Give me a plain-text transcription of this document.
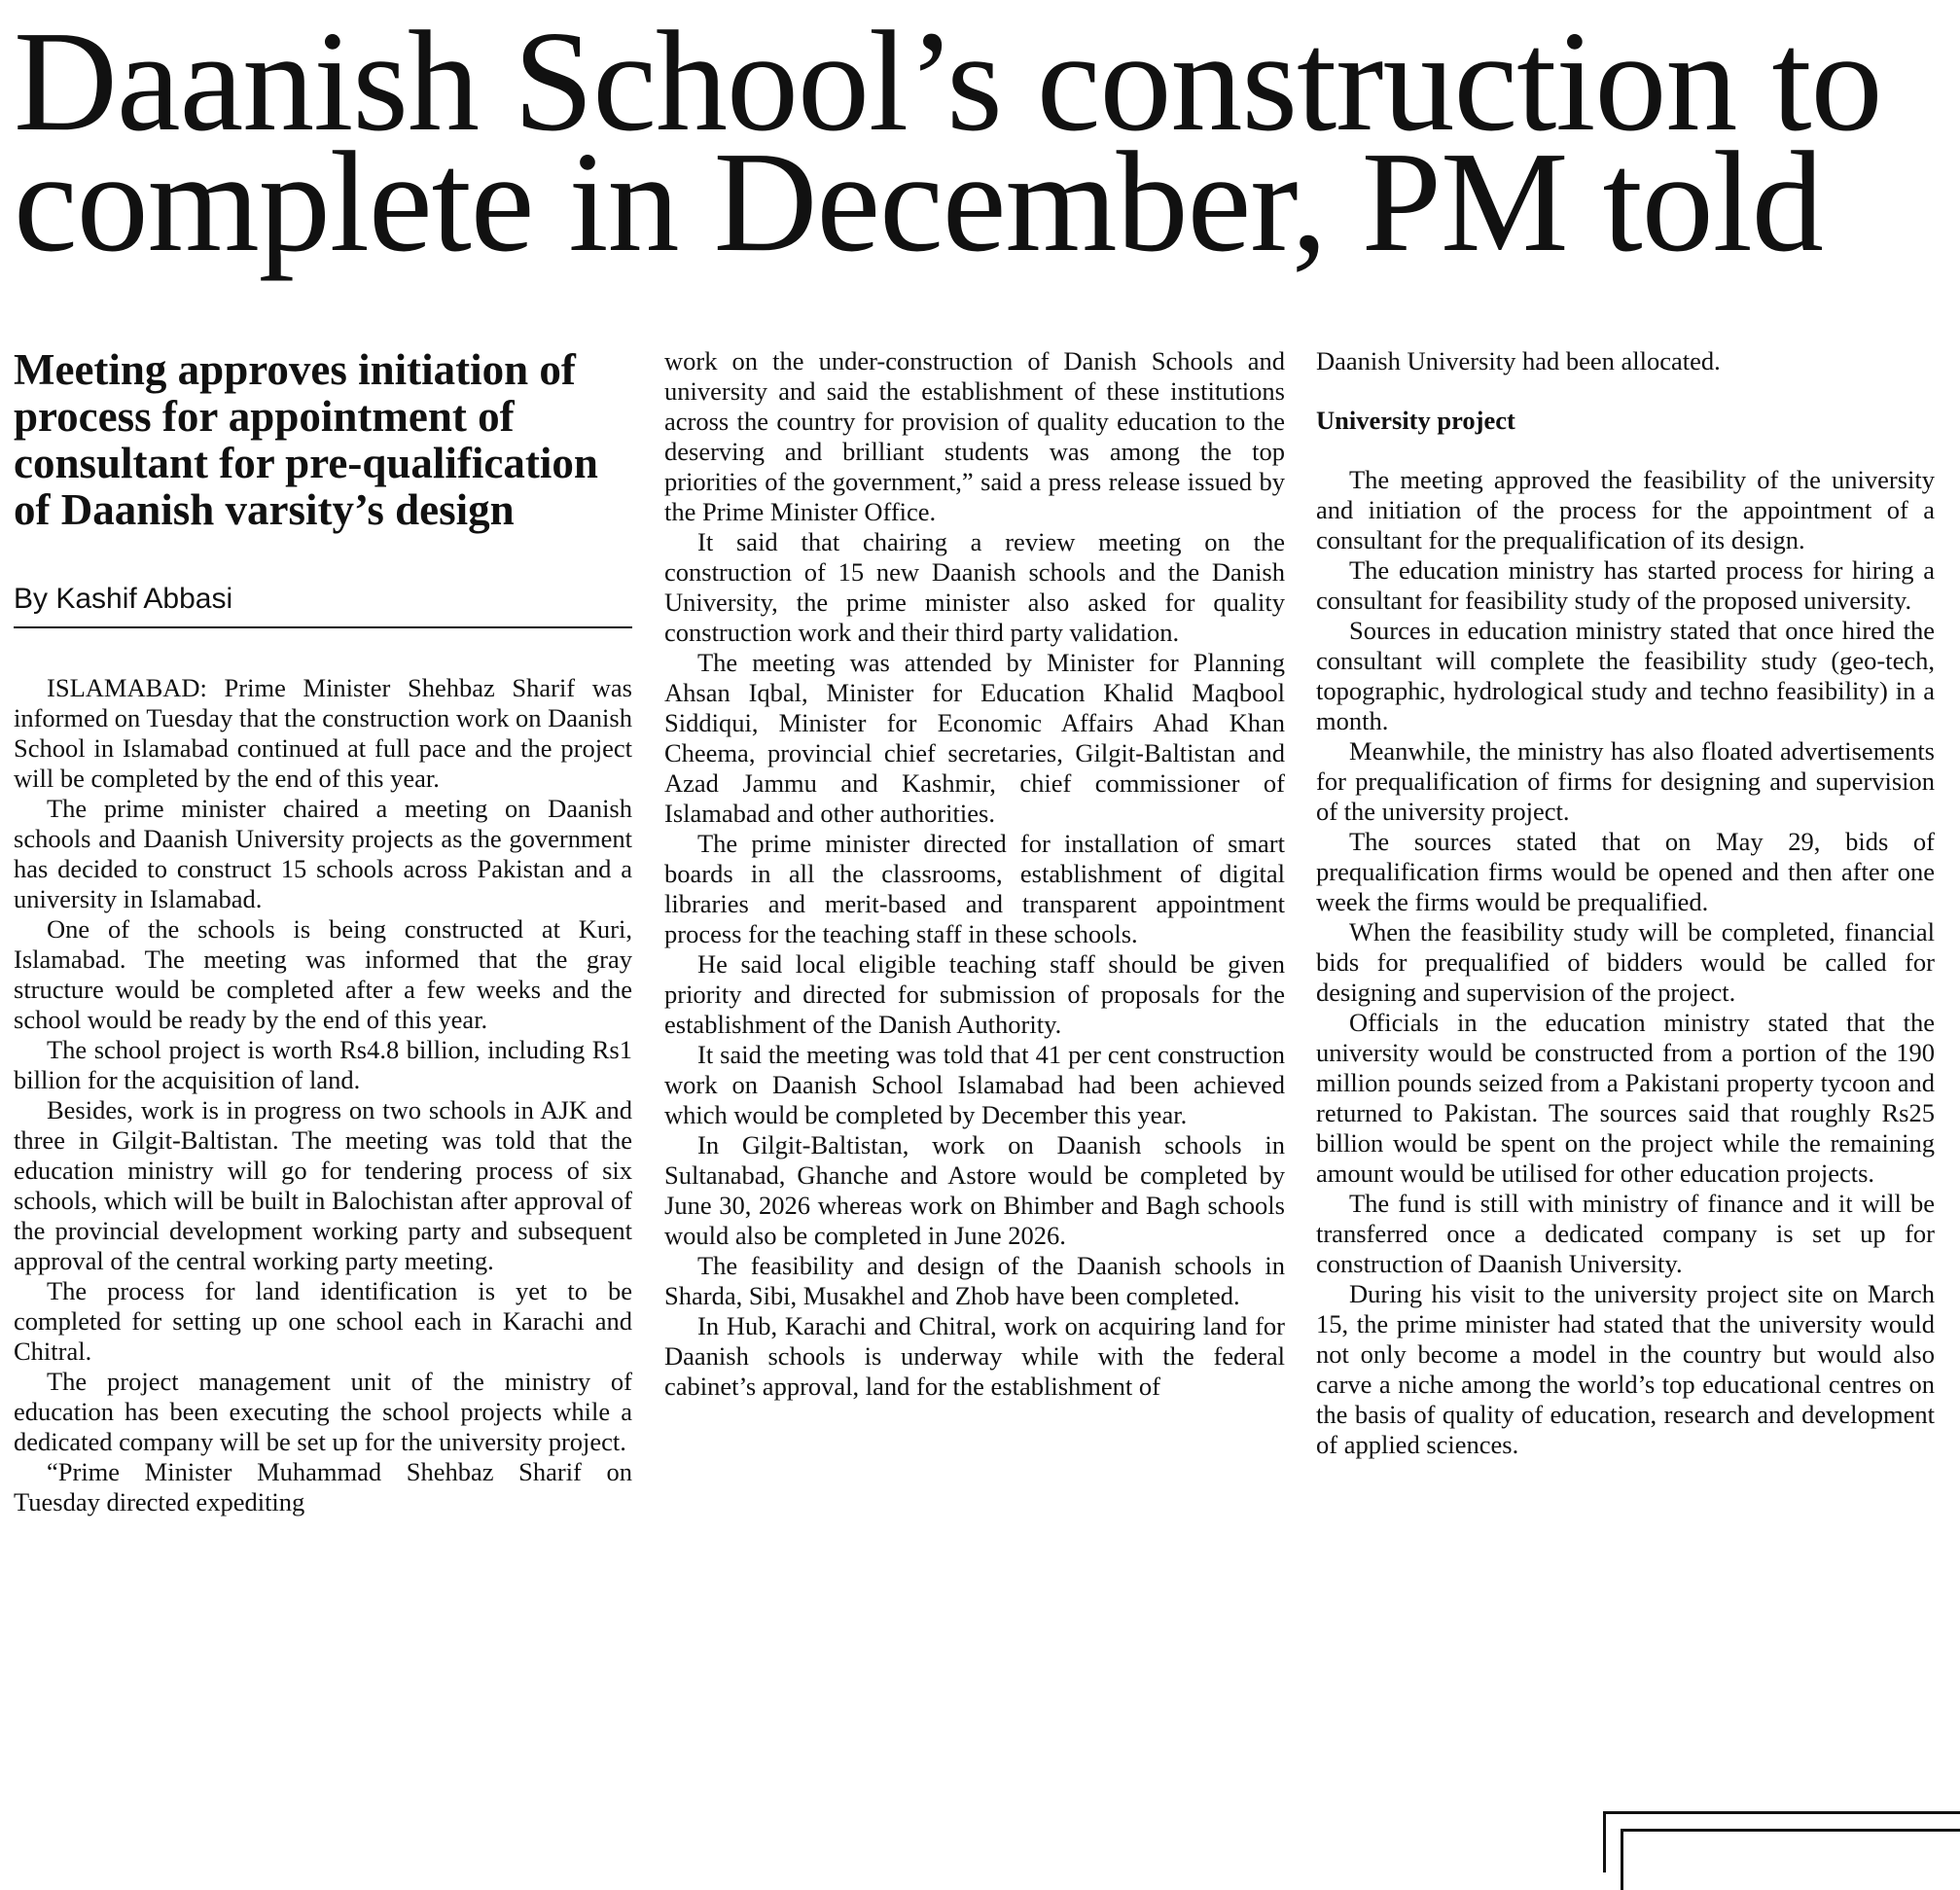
Daanish School’s construction to complete in December, PM told
Meeting approves initiation of process for appointment of consultant for pre-qualification of Daanish varsity’s design
By Kashif Abbasi

ISLAMABAD: Prime Minister Shehbaz Sharif was informed on Tuesday that the construction work on Daanish School in Islamabad continued at full pace and the project will be completed by the end of this year.

The prime minister chaired a meeting on Daanish schools and Daanish University projects as the government has decided to construct 15 schools across Pakistan and a university in Islamabad.

One of the schools is being constructed at Kuri, Islamabad. The meeting was informed that the gray structure would be completed after a few weeks and the school would be ready by the end of this year.

The school project is worth Rs4.8 billion, including Rs1 billion for the acquisition of land.

Besides, work is in progress on two schools in AJK and three in Gilgit-Baltistan. The meeting was told that the education ministry will go for tendering process of six schools, which will be built in Balochistan after approval of the provincial development working party and subsequent approval of the central working party meeting.

The process for land identification is yet to be completed for setting up one school each in Karachi and Chitral.

The project management unit of the ministry of education has been executing the school projects while a dedicated company will be set up for the university project.

“Prime Minister Muhammad Shehbaz Sharif on Tuesday directed expediting

work on the under-construction of Danish Schools and university and said the establishment of these institutions across the country for provision of quality education to the deserving and brilliant students was among the top priorities of the government,” said a press release issued by the Prime Minister Office.

It said that chairing a review meeting on the construction of 15 new Daanish schools and the Danish University, the prime minister also asked for quality construction work and their third party validation.

The meeting was attended by Minister for Planning Ahsan Iqbal, Minister for Education Khalid Maqbool Siddiqui, Minister for Economic Affairs Ahad Khan Cheema, provincial chief secretaries, Gilgit-Baltistan and Azad Jammu and Kashmir, chief commissioner of Islamabad and other authorities.

The prime minister directed for installation of smart boards in all the classrooms, establishment of digital libraries and merit-based and transparent appointment process for the teaching staff in these schools.

He said local eligible teaching staff should be given priority and directed for submission of proposals for the establishment of the Danish Authority.

It said the meeting was told that 41 per cent construction work on Daanish School Islamabad had been achieved which would be completed by December this year.

In Gilgit-Baltistan, work on Daanish schools in Sultanabad, Ghanche and Astore would be completed by June 30, 2026 whereas work on Bhimber and Bagh schools would also be completed in June 2026.

The feasibility and design of the Daanish schools in Sharda, Sibi, Musakhel and Zhob have been completed.

In Hub, Karachi and Chitral, work on acquiring land for Daanish schools is underway while with the federal cabinet’s approval, land for the establishment of

Daanish University had been allocated.

University project

The meeting approved the feasibility of the university and initiation of the process for the appointment of a consultant for the prequalification of its design.

The education ministry has started process for hiring a consultant for feasibility study of the proposed university.

Sources in education ministry stated that once hired the consultant will complete the feasibility study (geo-tech, topographic, hydrological study and techno feasibility) in a month.

Meanwhile, the ministry has also floated advertisements for prequalification of firms for designing and supervision of the university project.

The sources stated that on May 29, bids of prequalification firms would be opened and then after one week the firms would be prequalified.

When the feasibility study will be completed, financial bids for prequalified of bidders would be called for designing and supervision of the project.

Officials in the education ministry stated that the university would be constructed from a portion of the 190 million pounds seized from a Pakistani property tycoon and returned to Pakistan. The sources said that roughly Rs25 billion would be spent on the project while the remaining amount would be utilised for other education projects.

The fund is still with ministry of finance and it will be transferred once a dedicated company is set up for construction of Daanish University.

During his visit to the university project site on March 15, the prime minister had stated that the university would not only become a model in the country but would also carve a niche among the world’s top educational centres on the basis of quality of education, research and development of applied sciences.
